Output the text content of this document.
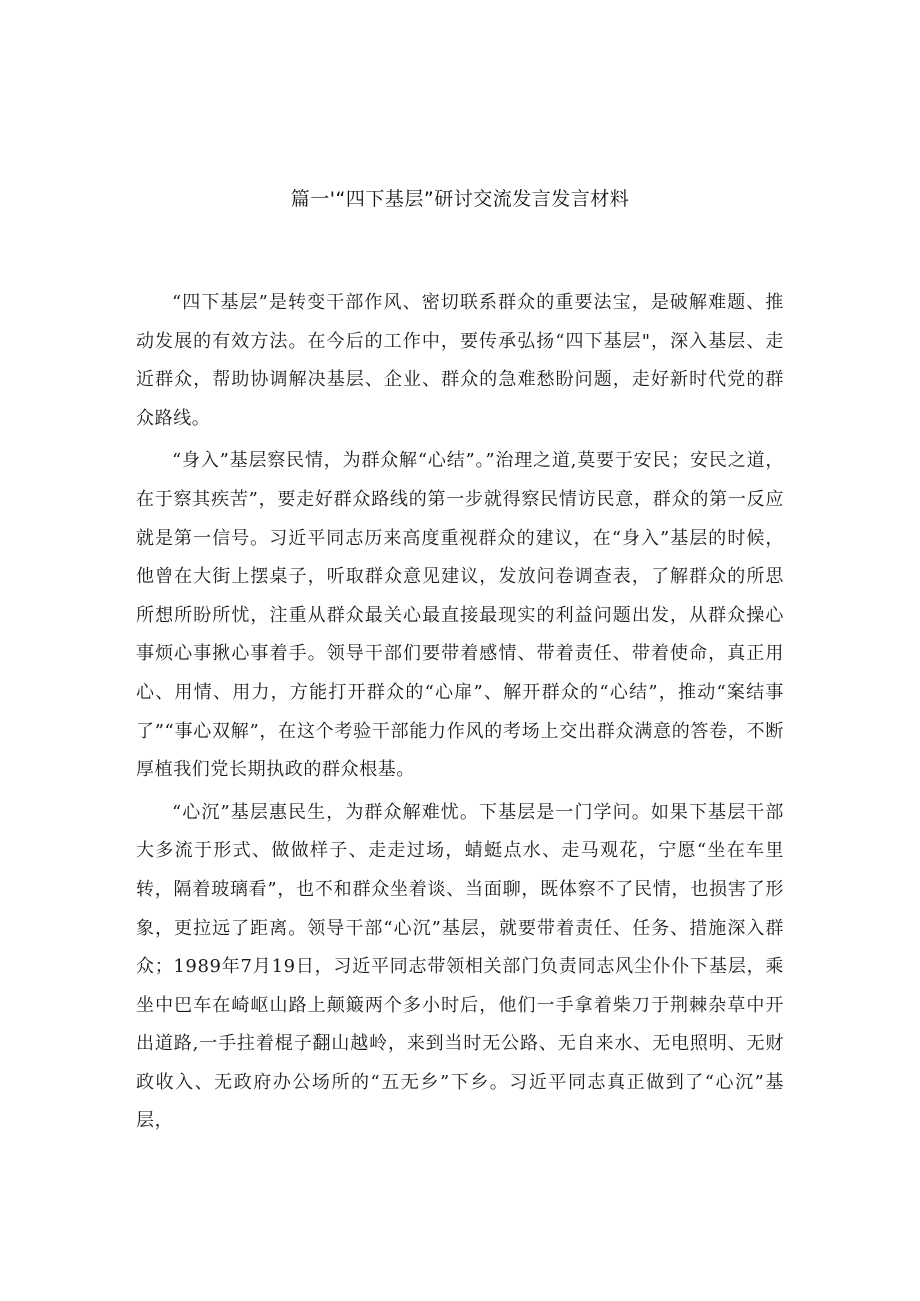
篇一'“四下基层”研讨交流发言发言材料

“四下基层”是转变干部作风、密切联系群众的重要法宝，是破解难题、推动发展的有效方法。在今后的工作中，要传承弘扬“四下基层"，深入基层、走近群众，帮助协调解决基层、企业、群众的急难愁盼问题，走好新时代党的群众路线。

“身入”基层察民情，为群众解“心结”。”治理之道,莫要于安民；安民之道，在于察其疾苦”，要走好群众路线的第一步就得察民情访民意，群众的第一反应就是第一信号。习近平同志历来高度重视群众的建议，在“身入”基层的时候，他曾在大街上摆桌子，听取群众意见建议，发放问卷调查表，了解群众的所思所想所盼所忧，注重从群众最关心最直接最现实的利益问题出发，从群众操心事烦心事揪心事着手。领导干部们要带着感情、带着责任、带着使命，真正用心、用情、用力，方能打开群众的“心扉”、解开群众的“心结”，推动“案结事了”“事心双解”，在这个考验干部能力作风的考场上交出群众满意的答卷，不断厚植我们党长期执政的群众根基。

“心沉”基层惠民生，为群众解难忧。下基层是一门学问。如果下基层干部大多流于形式、做做样子、走走过场，蜻蜓点水、走马观花，宁愿“坐在车里转，隔着玻璃看”，也不和群众坐着谈、当面聊，既体察不了民情，也损害了形象，更拉远了距离。领导干部“心沉”基层，就要带着责任、任务、措施深入群众；1989年7月19日，习近平同志带领相关部门负责同志风尘仆仆下基层，乘坐中巴车在崎岖山路上颠簸两个多小时后，他们一手拿着柴刀于荆棘杂草中开出道路,一手拄着棍子翻山越岭，来到当时无公路、无自来水、无电照明、无财政收入、无政府办公场所的“五无乡”下乡。习近平同志真正做到了“心沉”基层，
